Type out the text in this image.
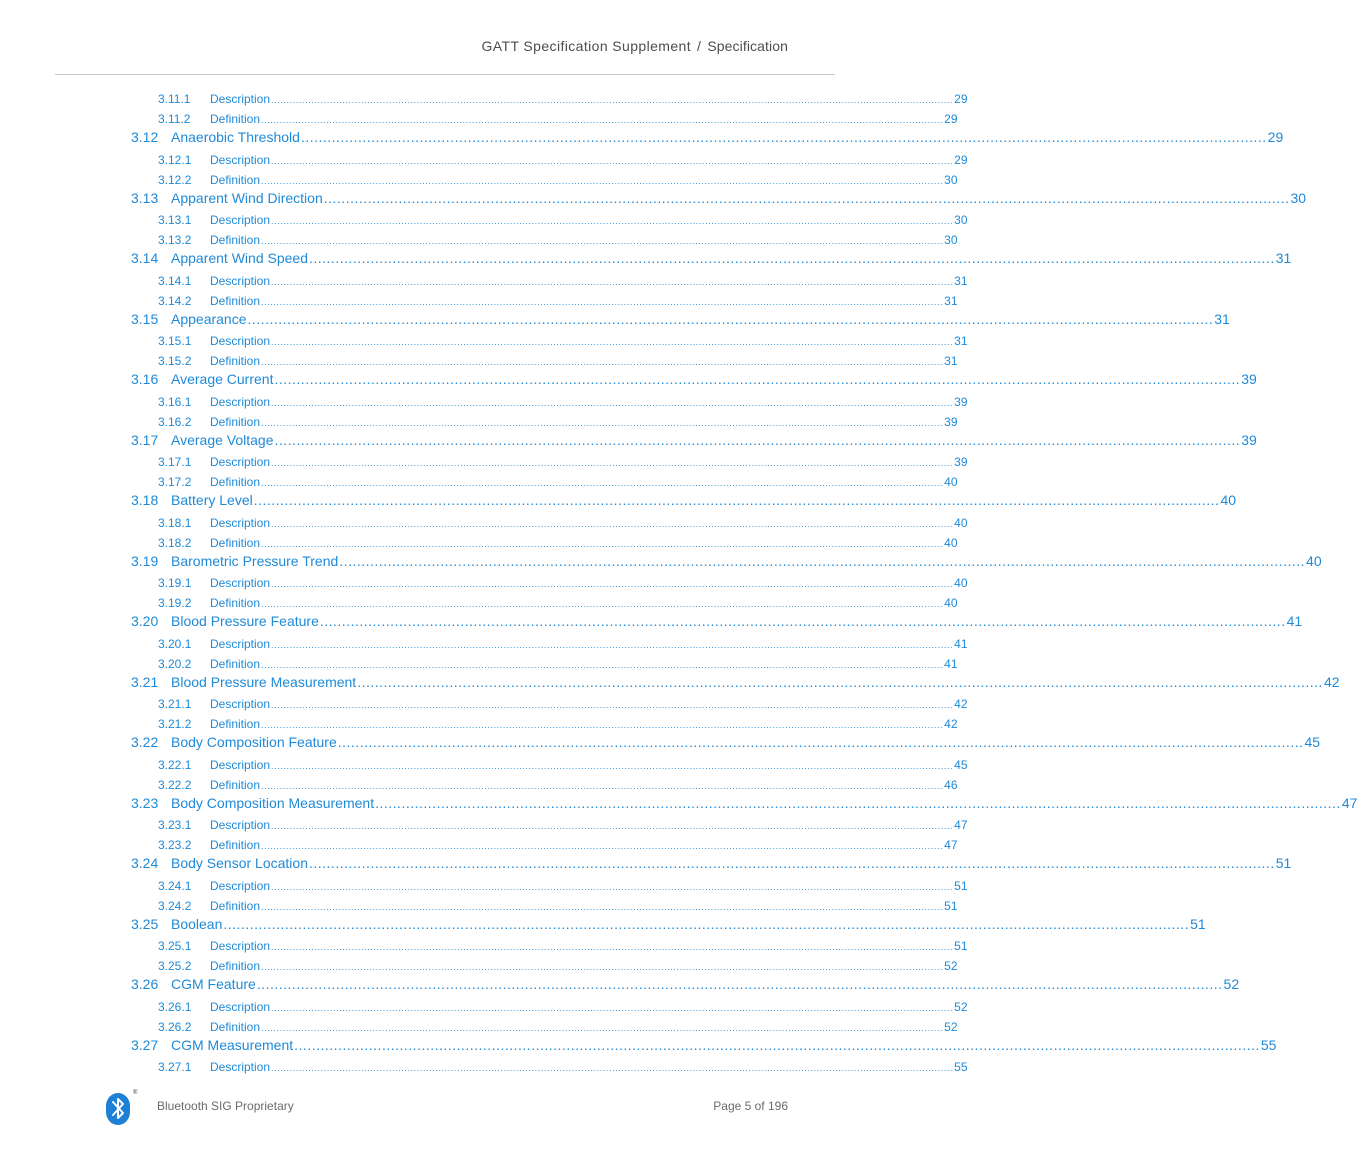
GATT Specification Supplement / Specification
3.11.1	Description ............................................................................................................................................................................................................................ 29
3.11.2	Definition ............................................................................................................................................................................................................................ 29
3.12 Anaerobic Threshold ............................................................................................................................................................................................................................ 29
3.12.1	Description ............................................................................................................................................................................................................................ 29
3.12.2	Definition ............................................................................................................................................................................................................................ 30
3.13 Apparent Wind Direction ............................................................................................................................................................................................................................ 30
3.13.1	Description ............................................................................................................................................................................................................................ 30
3.13.2	Definition ............................................................................................................................................................................................................................ 30
3.14 Apparent Wind Speed ............................................................................................................................................................................................................................ 31
3.14.1	Description ............................................................................................................................................................................................................................ 31
3.14.2	Definition ............................................................................................................................................................................................................................ 31
3.15 Appearance ............................................................................................................................................................................................................................ 31
3.15.1	Description ............................................................................................................................................................................................................................ 31
3.15.2	Definition ............................................................................................................................................................................................................................ 31
3.16 Average Current ............................................................................................................................................................................................................................ 39
3.16.1	Description ............................................................................................................................................................................................................................ 39
3.16.2	Definition ............................................................................................................................................................................................................................ 39
3.17 Average Voltage ............................................................................................................................................................................................................................ 39
3.17.1	Description ............................................................................................................................................................................................................................ 39
3.17.2	Definition ............................................................................................................................................................................................................................ 40
3.18 Battery Level ............................................................................................................................................................................................................................ 40
3.18.1	Description ............................................................................................................................................................................................................................ 40
3.18.2	Definition ............................................................................................................................................................................................................................ 40
3.19 Barometric Pressure Trend ............................................................................................................................................................................................................................ 40
3.19.1	Description ............................................................................................................................................................................................................................ 40
3.19.2	Definition ............................................................................................................................................................................................................................ 40
3.20 Blood Pressure Feature ............................................................................................................................................................................................................................ 41
3.20.1	Description ............................................................................................................................................................................................................................ 41
3.20.2	Definition ............................................................................................................................................................................................................................ 41
3.21 Blood Pressure Measurement ............................................................................................................................................................................................................................ 42
3.21.1	Description ............................................................................................................................................................................................................................ 42
3.21.2	Definition ............................................................................................................................................................................................................................ 42
3.22 Body Composition Feature ............................................................................................................................................................................................................................ 45
3.22.1	Description ............................................................................................................................................................................................................................ 45
3.22.2	Definition ............................................................................................................................................................................................................................ 46
3.23 Body Composition Measurement ............................................................................................................................................................................................................................ 47
3.23.1	Description ............................................................................................................................................................................................................................ 47
3.23.2	Definition ............................................................................................................................................................................................................................ 47
3.24 Body Sensor Location ............................................................................................................................................................................................................................ 51
3.24.1	Description ............................................................................................................................................................................................................................ 51
3.24.2	Definition ............................................................................................................................................................................................................................ 51
3.25 Boolean ............................................................................................................................................................................................................................ 51
3.25.1	Description ............................................................................................................................................................................................................................ 51
3.25.2	Definition ............................................................................................................................................................................................................................ 52
3.26 CGM Feature ............................................................................................................................................................................................................................ 52
3.26.1	Description ............................................................................................................................................................................................................................ 52
3.26.2	Definition ............................................................................................................................................................................................................................ 52
3.27 CGM Measurement ............................................................................................................................................................................................................................ 55
3.27.1	Description ............................................................................................................................................................................................................................ 55
®
Bluetooth SIG Proprietary	Page 5 of 196
